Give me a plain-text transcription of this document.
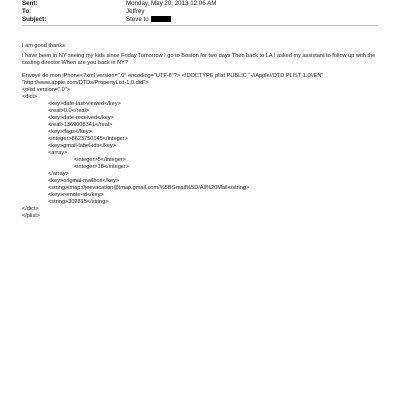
Sent:	Monday, May 20, 2013 12:06 AM
To:	Jeffrey
Subject:	Steve to

I am good thanks

I have been in NY seeing my kids since Friday Tomorrow I go to Boston for two days Then back to LA I asked my assistant to follow up with the casting director When are you back in NY?

Envoyé de mon iPhone<?xml version=".0" encoding="UTF-8"?> <!DOCTYPE plist PUBLIC "-//Apple//DTD PLIST 1.0//EN" "http://www.apple.com/DTDs/PropertyList-1.0.dtd">

<plist version=".0">
<dict>
<key>date-last-viewed</key>
<real>0.0</real>
<key>date-received</key>
<real>1369008341</real>
<key>flags</key>
<integer>8623750145</integer>
<key>gmail-label-ids</key>
<array>
<integer>5</integer>
<integer>18</integer>
</array>
<key>original-mailbox</key>
<string>imap://jeevacation@imap.gmail.com/%5BGmail%5D/All%20Mail</string>
<key>remote-id</key>
<string>302815</string>
</dict>
</plist>
